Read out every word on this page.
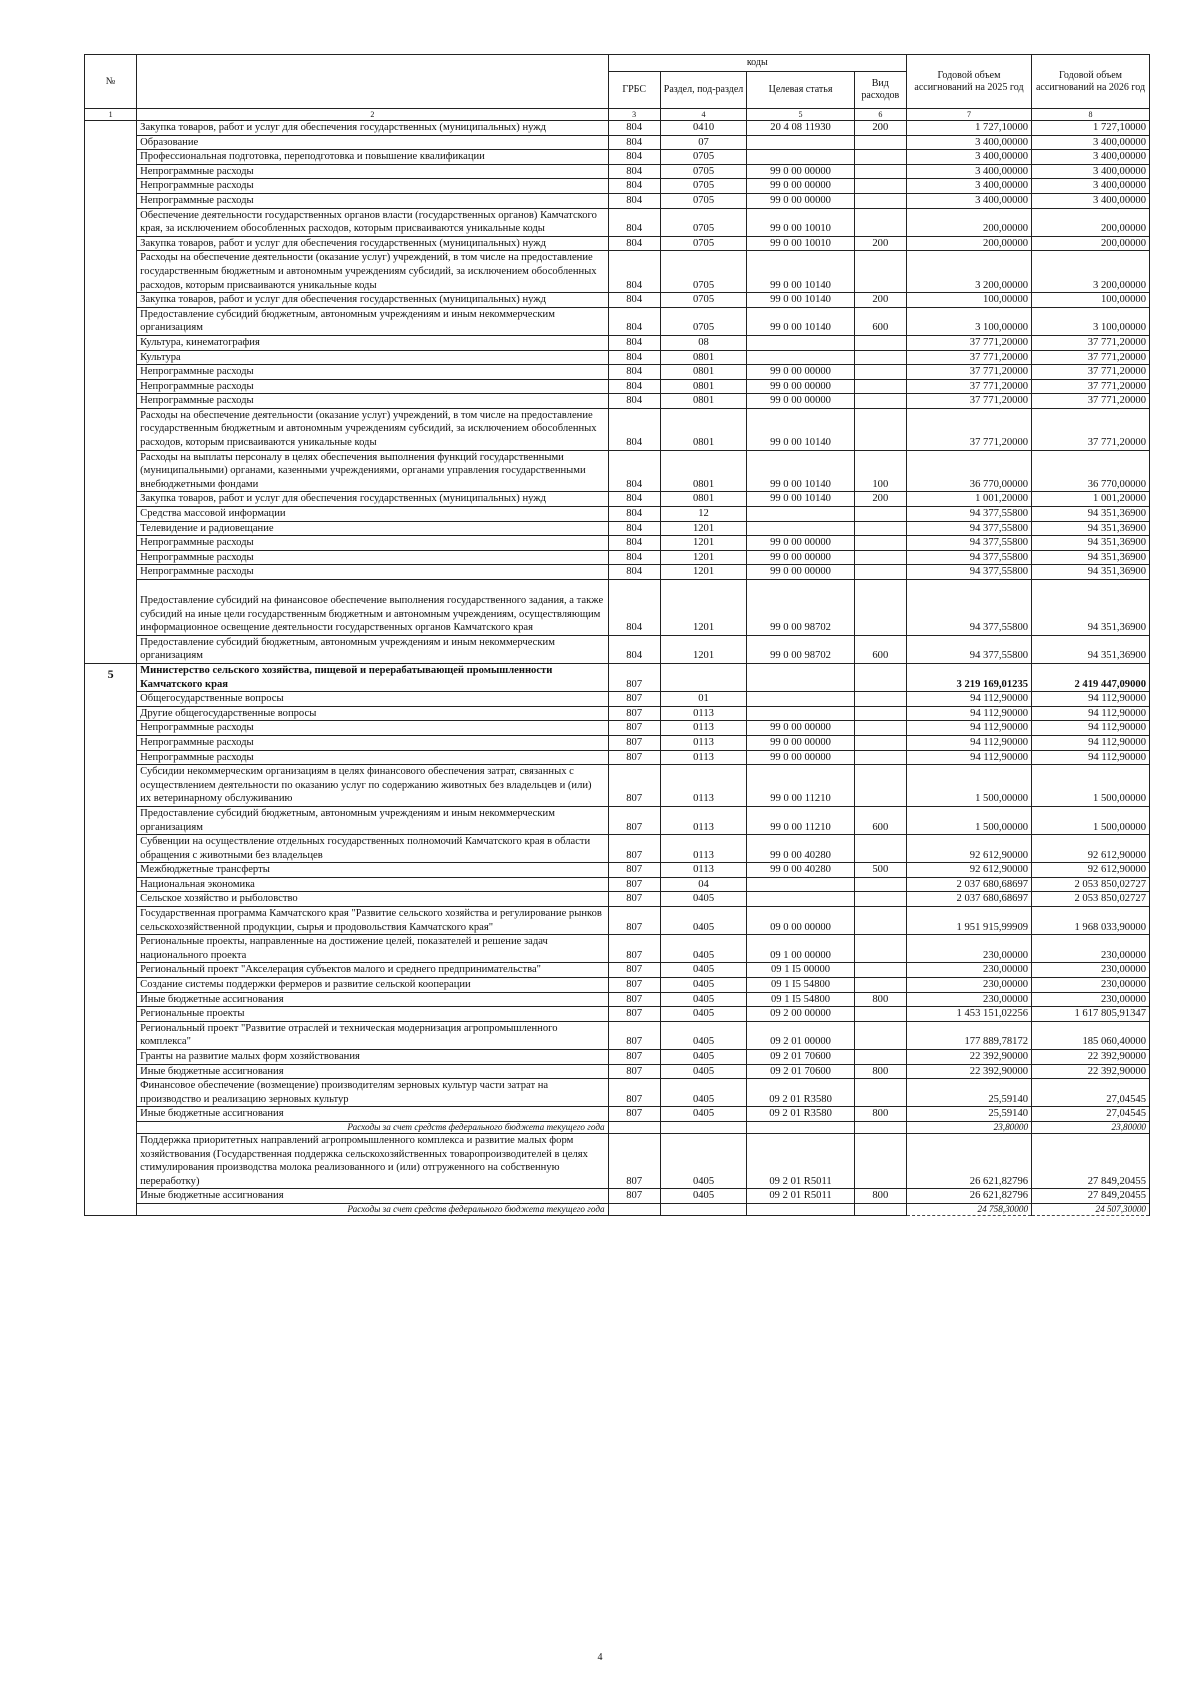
№		коды				Годовой объем ассигнований на 2025 год	Годовой объем ассигнований на 2026 год
		ГРБС	Раздел, под-раздел	Целевая статья	Вид расходов		
1	2	3	4	5	6	7	8
	Закупка товаров, работ и услуг для обеспечения государственных (муниципальных) нужд	804	0410	20 4 08 11930	200	1 727,10000	1 727,10000
	Образование	804	07			3 400,00000	3 400,00000
	Профессиональная подготовка, переподготовка и повышение квалификации	804	0705			3 400,00000	3 400,00000
	Непрограммные расходы	804	0705	99 0 00 00000		3 400,00000	3 400,00000
	Непрограммные расходы	804	0705	99 0 00 00000		3 400,00000	3 400,00000
	Непрограммные расходы	804	0705	99 0 00 00000		3 400,00000	3 400,00000
	Обеспечение деятельности государственных органов власти (государственных органов) Камчатского края, за исключением обособленных расходов, которым присваиваются уникальные коды	804	0705	99 0 00 10010		200,00000	200,00000
	Закупка товаров, работ и услуг для обеспечения государственных (муниципальных) нужд	804	0705	99 0 00 10010	200	200,00000	200,00000
	Расходы на обеспечение деятельности (оказание услуг) учреждений, в том числе на предоставление государственным бюджетным и автономным учреждениям субсидий, за исключением обособленных расходов, которым присваиваются уникальные коды	804	0705	99 0 00 10140		3 200,00000	3 200,00000
	Закупка товаров, работ и услуг для обеспечения государственных (муниципальных) нужд	804	0705	99 0 00 10140	200	100,00000	100,00000
	Предоставление субсидий бюджетным, автономным учреждениям и иным некоммерческим организациям	804	0705	99 0 00 10140	600	3 100,00000	3 100,00000
	Культура, кинематография	804	08			37 771,20000	37 771,20000
	Культура	804	0801			37 771,20000	37 771,20000
	Непрограммные расходы	804	0801	99 0 00 00000		37 771,20000	37 771,20000
	Непрограммные расходы	804	0801	99 0 00 00000		37 771,20000	37 771,20000
	Непрограммные расходы	804	0801	99 0 00 00000		37 771,20000	37 771,20000
	Расходы на обеспечение деятельности (оказание услуг) учреждений, в том числе на предоставление государственным бюджетным и автономным учреждениям субсидий, за исключением обособленных расходов, которым присваиваются уникальные коды	804	0801	99 0 00 10140		37 771,20000	37 771,20000
	Расходы на выплаты персоналу в целях обеспечения выполнения функций государственными (муниципальными) органами, казенными учреждениями, органами управления государственными внебюджетными фондами	804	0801	99 0 00 10140	100	36 770,00000	36 770,00000
	Закупка товаров, работ и услуг для обеспечения государственных (муниципальных) нужд	804	0801	99 0 00 10140	200	1 001,20000	1 001,20000
	Средства массовой информации	804	12			94 377,55800	94 351,36900
	Телевидение и радиовещание	804	1201			94 377,55800	94 351,36900
	Непрограммные расходы	804	1201	99 0 00 00000		94 377,55800	94 351,36900
	Непрограммные расходы	804	1201	99 0 00 00000		94 377,55800	94 351,36900
	Непрограммные расходы	804	1201	99 0 00 00000		94 377,55800	94 351,36900
	Предоставление субсидий на финансовое обеспечение выполнения государственного задания, а также субсидий на иные цели государственным бюджетным и автономным учреждениям, осуществляющим информационное освещение деятельности государственных органов Камчатского края	804	1201	99 0 00 98702		94 377,55800	94 351,36900
	Предоставление субсидий бюджетным, автономным учреждениям и иным некоммерческим организациям	804	1201	99 0 00 98702	600	94 377,55800	94 351,36900
5	Министерство сельского хозяйства, пищевой и перерабатывающей промышленности Камчатского края	807				3 219 169,01235	2 419 447,09000
	Общегосударственные вопросы	807	01			94 112,90000	94 112,90000
	Другие общегосударственные вопросы	807	0113			94 112,90000	94 112,90000
	Непрограммные расходы	807	0113	99 0 00 00000		94 112,90000	94 112,90000
	Непрограммные расходы	807	0113	99 0 00 00000		94 112,90000	94 112,90000
	Непрограммные расходы	807	0113	99 0 00 00000		94 112,90000	94 112,90000
	Субсидии некоммерческим организациям в целях финансового обеспечения затрат, связанных с осуществлением деятельности по оказанию услуг по содержанию животных без владельцев и (или) их ветеринарному обслуживанию	807	0113	99 0 00 11210		1 500,00000	1 500,00000
	Предоставление субсидий бюджетным, автономным учреждениям и иным некоммерческим организациям	807	0113	99 0 00 11210	600	1 500,00000	1 500,00000
	Субвенции на осуществление отдельных государственных полномочий Камчатского края в области обращения с животными без владельцев	807	0113	99 0 00 40280		92 612,90000	92 612,90000
	Межбюджетные трансферты	807	0113	99 0 00 40280	500	92 612,90000	92 612,90000
	Национальная экономика	807	04			2 037 680,68697	2 053 850,02727
	Сельское хозяйство и рыболовство	807	0405			2 037 680,68697	2 053 850,02727
	Государственная программа Камчатского края "Развитие сельского хозяйства и регулирование рынков сельскохозяйственной продукции, сырья и продовольствия Камчатского края"	807	0405	09 0 00 00000		1 951 915,99909	1 968 033,90000
	Региональные проекты, направленные на достижение целей, показателей и решение задач национального проекта	807	0405	09 1 00 00000		230,00000	230,00000
	Региональный проект "Акселерация субъектов малого и среднего предпринимательства"	807	0405	09 1 I5 00000		230,00000	230,00000
	Создание системы поддержки фермеров и развитие сельской кооперации	807	0405	09 1 I5 54800		230,00000	230,00000
	Иные бюджетные ассигнования	807	0405	09 1 I5 54800	800	230,00000	230,00000
	Региональные проекты	807	0405	09 2 00 00000		1 453 151,02256	1 617 805,91347
	Региональный проект "Развитие отраслей и техническая модернизация агропромышленного комплекса"	807	0405	09 2 01 00000		177 889,78172	185 060,40000
	Гранты на развитие малых форм хозяйствования	807	0405	09 2 01 70600		22 392,90000	22 392,90000
	Иные бюджетные ассигнования	807	0405	09 2 01 70600	800	22 392,90000	22 392,90000
	Финансовое обеспечение (возмещение) производителям зерновых культур части затрат на производство и реализацию зерновых культур	807	0405	09 2 01 R3580		25,59140	27,04545
	Иные бюджетные ассигнования	807	0405	09 2 01 R3580	800	25,59140	27,04545
	Расходы за счет средств федерального бюджета текущего года					23,80000	23,80000
	Поддержка приоритетных направлений агропромышленного комплекса и развитие малых форм хозяйствования (Государственная поддержка сельскохозяйственных товаропроизводителей в целях стимулирования производства молока реализованного и (или) отгруженного на собственную переработку)	807	0405	09 2 01 R5011		26 621,82796	27 849,20455
	Иные бюджетные ассигнования	807	0405	09 2 01 R5011	800	26 621,82796	27 849,20455
	Расходы за счет средств федерального бюджета текущего года					24 758,30000	24 507,30000
4
